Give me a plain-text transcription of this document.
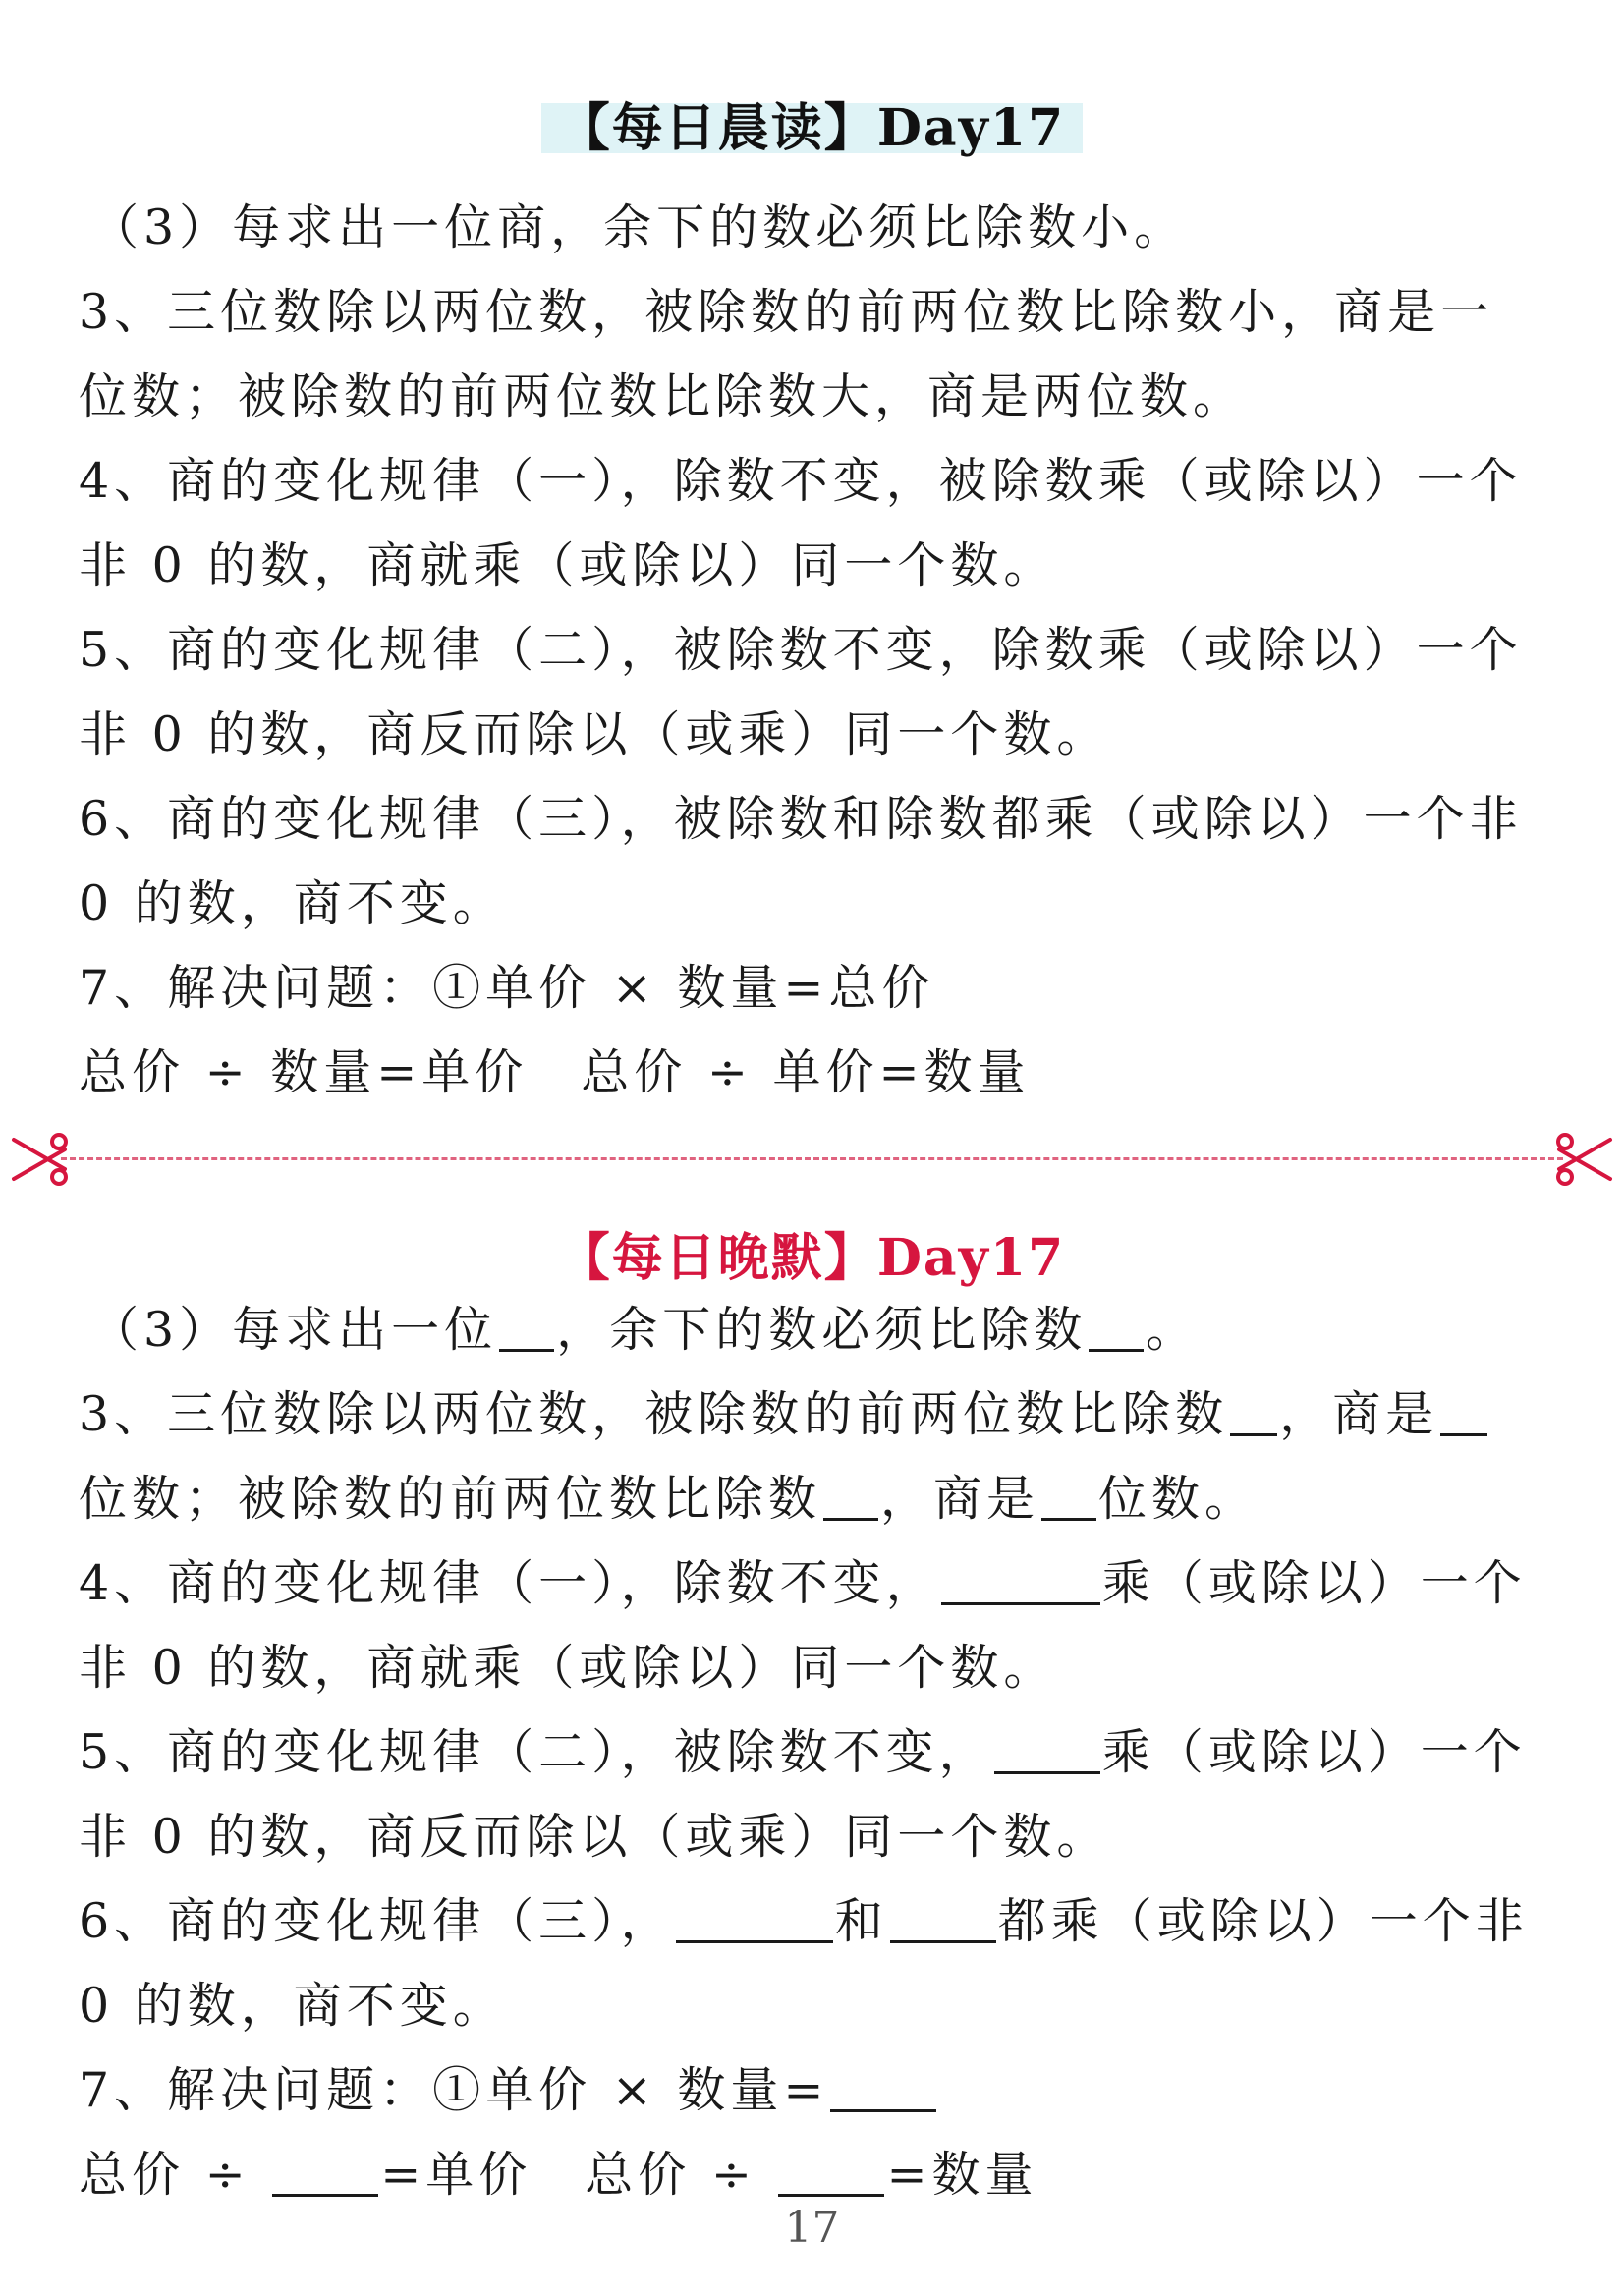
【每日晨读】Day17
（3）每求出一位商，余下的数必须比除数小。
3、三位数除以两位数，被除数的前两位数比除数小，商是一
位数；被除数的前两位数比除数大，商是两位数。
4、商的变化规律（一），除数不变，被除数乘（或除以）一个
非 0 的数，商就乘（或除以）同一个数。
5、商的变化规律（二），被除数不变，除数乘（或除以）一个
非 0 的数，商反而除以（或乘）同一个数。
6、商的变化规律（三），被除数和除数都乘（或除以）一个非
0 的数，商不变。
7、解决问题：①单价 × 数量=总价
总价 ÷ 数量=单价　总价 ÷ 单价=数量
【每日晚默】Day17
（3）每求出一位 ，余下的数必须比除数 。
3、三位数除以两位数，被除数的前两位数比除数 ，商是
位数；被除数的前两位数比除数 ，商是 位数。
4、商的变化规律（一），除数不变，	乘（或除以）一个
非 0 的数，商就乘（或除以）同一个数。
5、商的变化规律（二），被除数不变， 乘（或除以）一个
非 0 的数，商反而除以（或乘）同一个数。
6、商的变化规律（三），	和 都乘（或除以）一个非
0 的数，商不变。
7、解决问题：①单价 × 数量=
总价 ÷ =单价　总价 ÷ =数量
17
